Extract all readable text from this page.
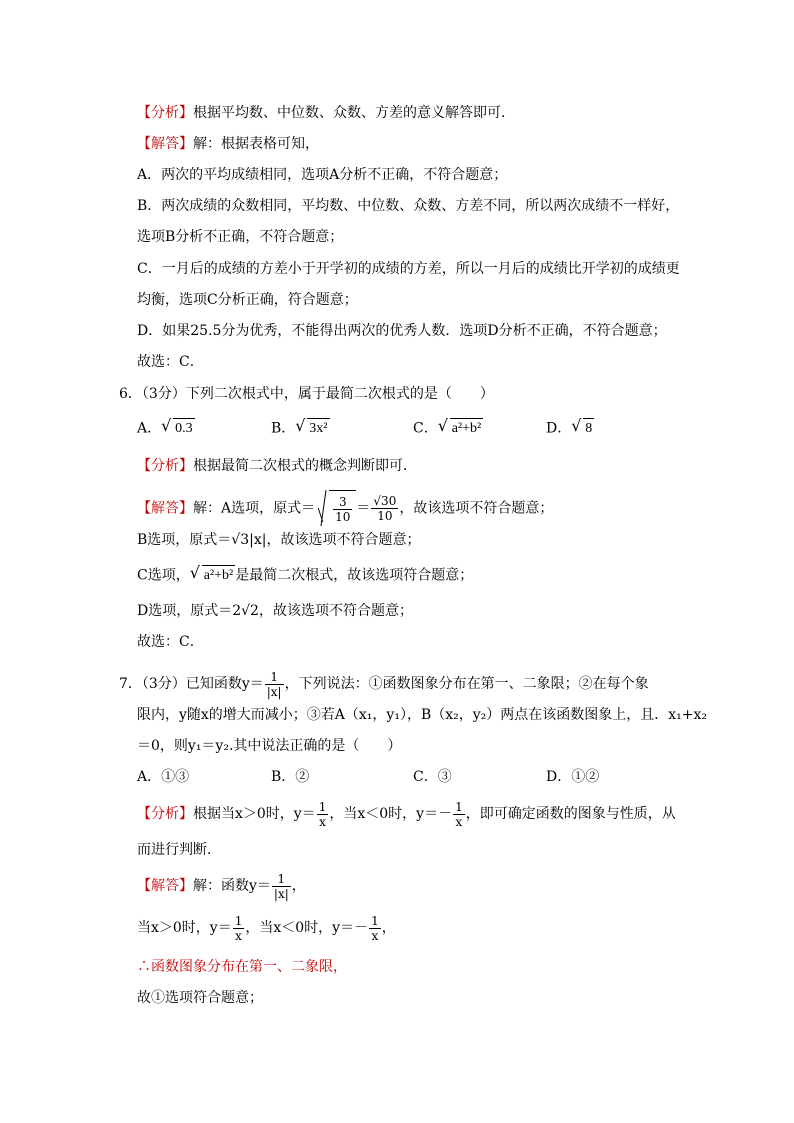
【分析】根据平均数、中位数、众数、方差的意义解答即可．
【解答】解：根据表格可知，
A．两次的平均成绩相同，选项A分析不正确，不符合题意；
B．两次成绩的众数相同，平均数、中位数、众数、方差不同，所以两次成绩不一样好，
选项B分析不正确，不符合题意；
C．一月后的成绩的方差小于开学初的成绩的方差，所以一月后的成绩比开学初的成绩更
均衡，选项C分析正确，符合题意；
D．如果25.5分为优秀，不能得出两次的优秀人数．选项D分析不正确，不符合题意；
故选：C．
6．（3分）下列二次根式中，属于最简二次根式的是（　　）
A． √ 0.3	B． √ 3x²	C． √ a²+b²	D． √ 8
【分析】根据最简二次根式的概念判断即可．
【解答】解：A选项，原式＝ $\frac{3}{10} = \frac{√30}{10}$ ，故该选项不符合题意；
B选项，原式＝√3|x|，故该选项不符合题意；
C选项， √ a²+b² 是最简二次根式，故该选项符合题意；
D选项，原式＝2√2，故该选项不符合题意；
故选：C．
7．（3分）已知函数$y= \frac{1}{|x|}$ ，下列说法：①函数图象分布在第一、二象限；②在每个象
限内，y随x的增大而减小；③若A（x₁，y₁），B（x₂，y₂）两点在该函数图象上，且．x₁+x₂
＝0，则y₁＝y₂.其中说法正确的是（　　）
A．①③	B．②	C．③	D．①②
【分析】根据当x＞0时，$y= \frac{1}{x}$ ，当x＜0时，$y=- \frac{1}{x}$ ，即可确定函数的图象与性质，从
而进行判断．
【解答】解：函数$y= \frac{1}{|x|}$ ，
当x＞0时，$y= \frac{1}{x}$ ，当x＜0时，$y=- \frac{1}{x}$ ，
∴函数图象分布在第一、二象限，
故①选项符合题意；
